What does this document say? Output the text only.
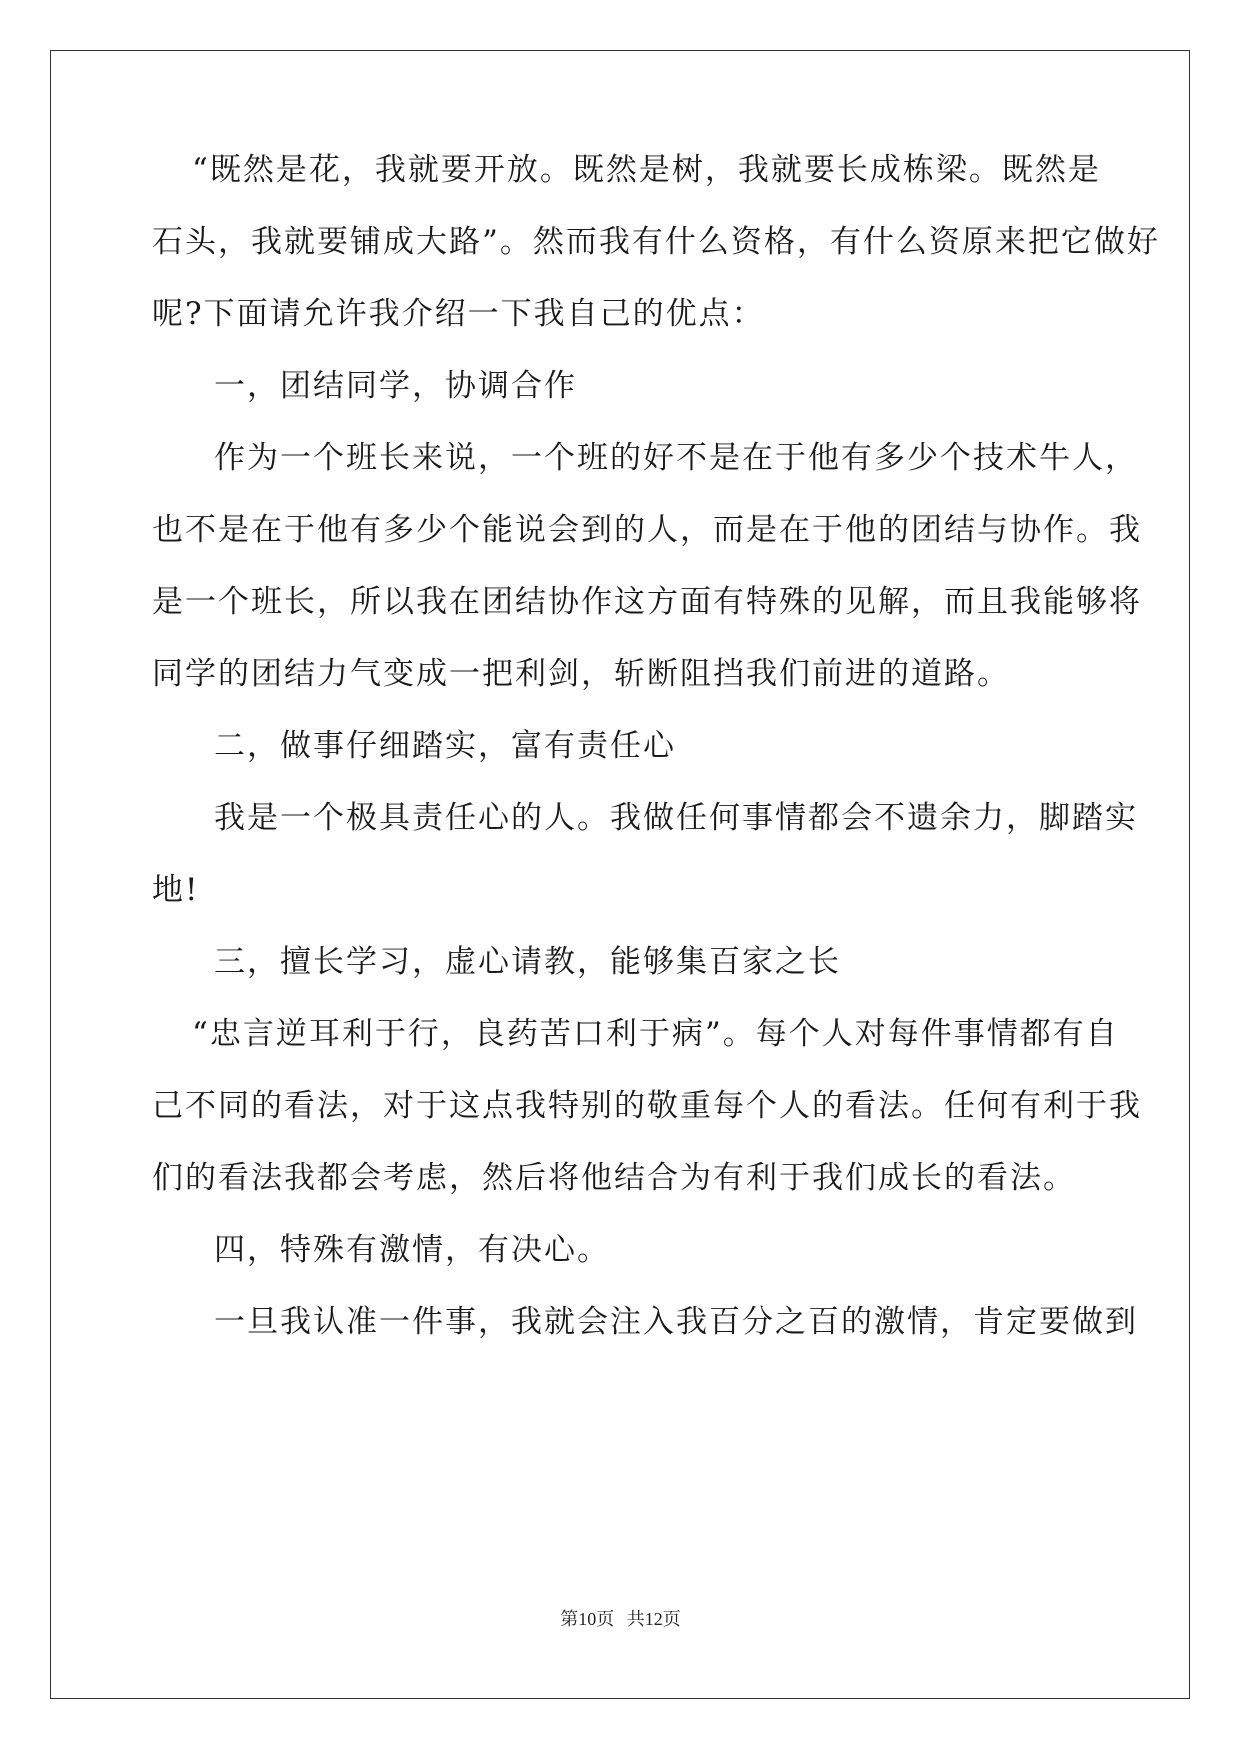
“既然是花，我就要开放。既然是树，我就要长成栋梁。既然是
石头，我就要铺成大路”。然而我有什么资格，有什么资原来把它做好
呢?下面请允许我介绍一下我自己的优点：
一，团结同学，协调合作
作为一个班长来说，一个班的好不是在于他有多少个技术牛人，
也不是在于他有多少个能说会到的人，而是在于他的团结与协作。我
是一个班长，所以我在团结协作这方面有特殊的见解，而且我能够将
同学的团结力气变成一把利剑，斩断阻挡我们前进的道路。
二，做事仔细踏实，富有责任心
我是一个极具责任心的人。我做任何事情都会不遗余力，脚踏实
地!
三，擅长学习，虚心请教，能够集百家之长
“忠言逆耳利于行，良药苦口利于病”。每个人对每件事情都有自
己不同的看法，对于这点我特别的敬重每个人的看法。任何有利于我
们的看法我都会考虑，然后将他结合为有利于我们成长的看法。
四，特殊有激情，有决心。
一旦我认准一件事，我就会注入我百分之百的激情，肯定要做到
第10页 共12页
